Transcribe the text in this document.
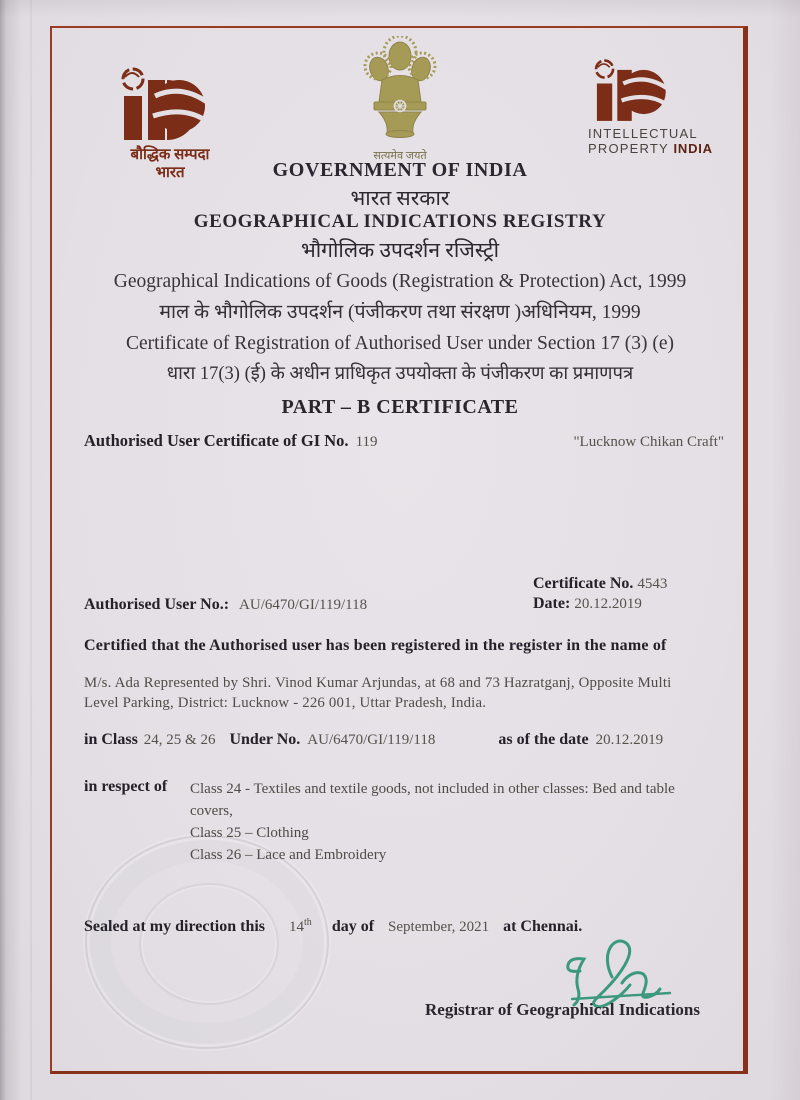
बौद्धिक सम्पदा
भारत
सत्यमेव जयते
INTELLECTUAL
PROPERTY INDIA
GOVERNMENT OF INDIA
भारत सरकार
GEOGRAPHICAL INDICATIONS REGISTRY
भौगोलिक उपदर्शन रजिस्ट्री
Geographical Indications of Goods (Registration & Protection) Act, 1999
माल के भौगोलिक उपदर्शन (पंजीकरण तथा संरक्षण )अधिनियम, 1999
Certificate of Registration of Authorised User under Section 17 (3) (e)
धारा 17(3) (ई) के अधीन प्राधिकृत उपयोक्ता के पंजीकरण का प्रमाणपत्र
PART – B CERTIFICATE
Authorised User Certificate of GI No. 119	"Lucknow Chikan Craft"
Certificate No. 4543
Date: 20.12.2019
Authorised User No.: AU/6470/GI/119/118
Certified that the Authorised user has been registered in the register in the name of
M/s. Ada Represented by Shri. Vinod Kumar Arjundas, at 68 and 73 Hazratganj, Opposite Multi
Level Parking, District: Lucknow - 226 001, Uttar Pradesh, India.
in Class 24, 25 & 26 Under No. AU/6470/GI/119/118	as of the date 20.12.2019
in respect of Class 24 - Textiles and textile goods, not included in other classes: Bed and table
covers,
Class 25 – Clothing
Class 26 – Lace and Embroidery
Sealed at my direction this 14th day of September, 2021 at Chennai.
Registrar of Geographical Indications
